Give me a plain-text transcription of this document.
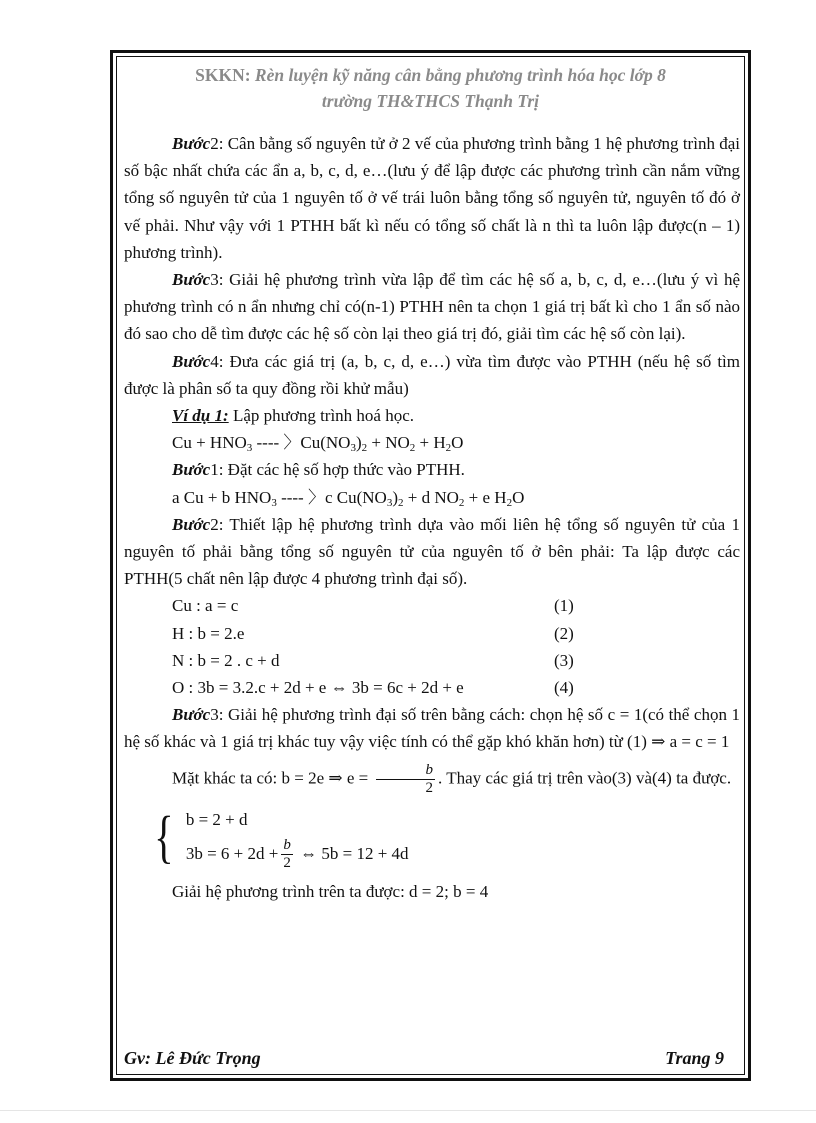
SKKN: Rèn luyện kỹ năng cân bằng phương trình hóa học lớp 8
trường TH&THCS Thạnh Trị

Bước2: Cân bằng số nguyên tử ở 2 vế của phương trình bằng 1 hệ phương trình đại số bậc nhất chứa các ẩn a, b, c, d, e…(lưu ý để lập được các phương trình cần nắm vững tổng số nguyên tử của 1 nguyên tố ở vế trái luôn bằng tổng số nguyên tử, nguyên tố đó ở vế phải. Như vậy với 1 PTHH bất kì nếu có tổng số chất là n thì ta luôn lập được(n – 1) phương trình).

Bước3: Giải hệ phương trình vừa lập để tìm các hệ số a, b, c, d, e…(lưu ý vì hệ phương trình có n ẩn nhưng chỉ có(n-1) PTHH nên ta chọn 1 giá trị bất kì cho 1 ẩn số nào đó sao cho dễ tìm được các hệ số còn lại theo giá trị đó, giải tìm các hệ số còn lại).

Bước4: Đưa các giá trị (a, b, c, d, e…) vừa tìm được vào PTHH (nếu hệ số tìm được là phân số ta quy đồng rồi khử mẫu)

Ví dụ 1: Lập phương trình hoá học.

$Cu + HNO_3$ ---- 〉$Cu(NO_3)_2 + NO_2 + H_2O$

Bước1: Đặt các hệ số hợp thức vào PTHH.

a Cu + b $HNO_3$ ---- 〉c $Cu(NO_3)_2 + d$ $NO_2 + e$ $H_2O$

Bước2: Thiết lập hệ phương trình dựa vào mối liên hệ tổng số nguyên tử của 1 nguyên tố phải bằng tổng số nguyên tử của nguyên tố ở bên phải: Ta lập được các PTHH(5 chất nên lập được 4 phương trình đại số).

Cu : a = c	(1)
H : b = 2.e	(2)
N : b = 2 . c + d	(3)
O : 3b = 3.2.c + 2d + e ⇔ 3b = 6c + 2d + e	(4)

Bước3: Giải hệ phương trình đại số trên bằng cách: chọn hệ số c = 1(có thể chọn 1 hệ số khác và 1 giá trị khác tuy vậy việc tính có thể gặp khó khăn hơn) từ (1) ⇒ a = c = 1

Mặt khác ta có: b = 2e ⇒ $e = \frac{b}{2}$ . Thay các giá trị trên vào(3) và(4) ta được.

{ b = 2 + d
$3b = 6 + 2d + \frac{b}{2}$ ⇔ 5b = 12 + 4d

Giải hệ phương trình trên ta được: d = 2; b = 4

Gv: Lê Đức Trọng	Trang 9
